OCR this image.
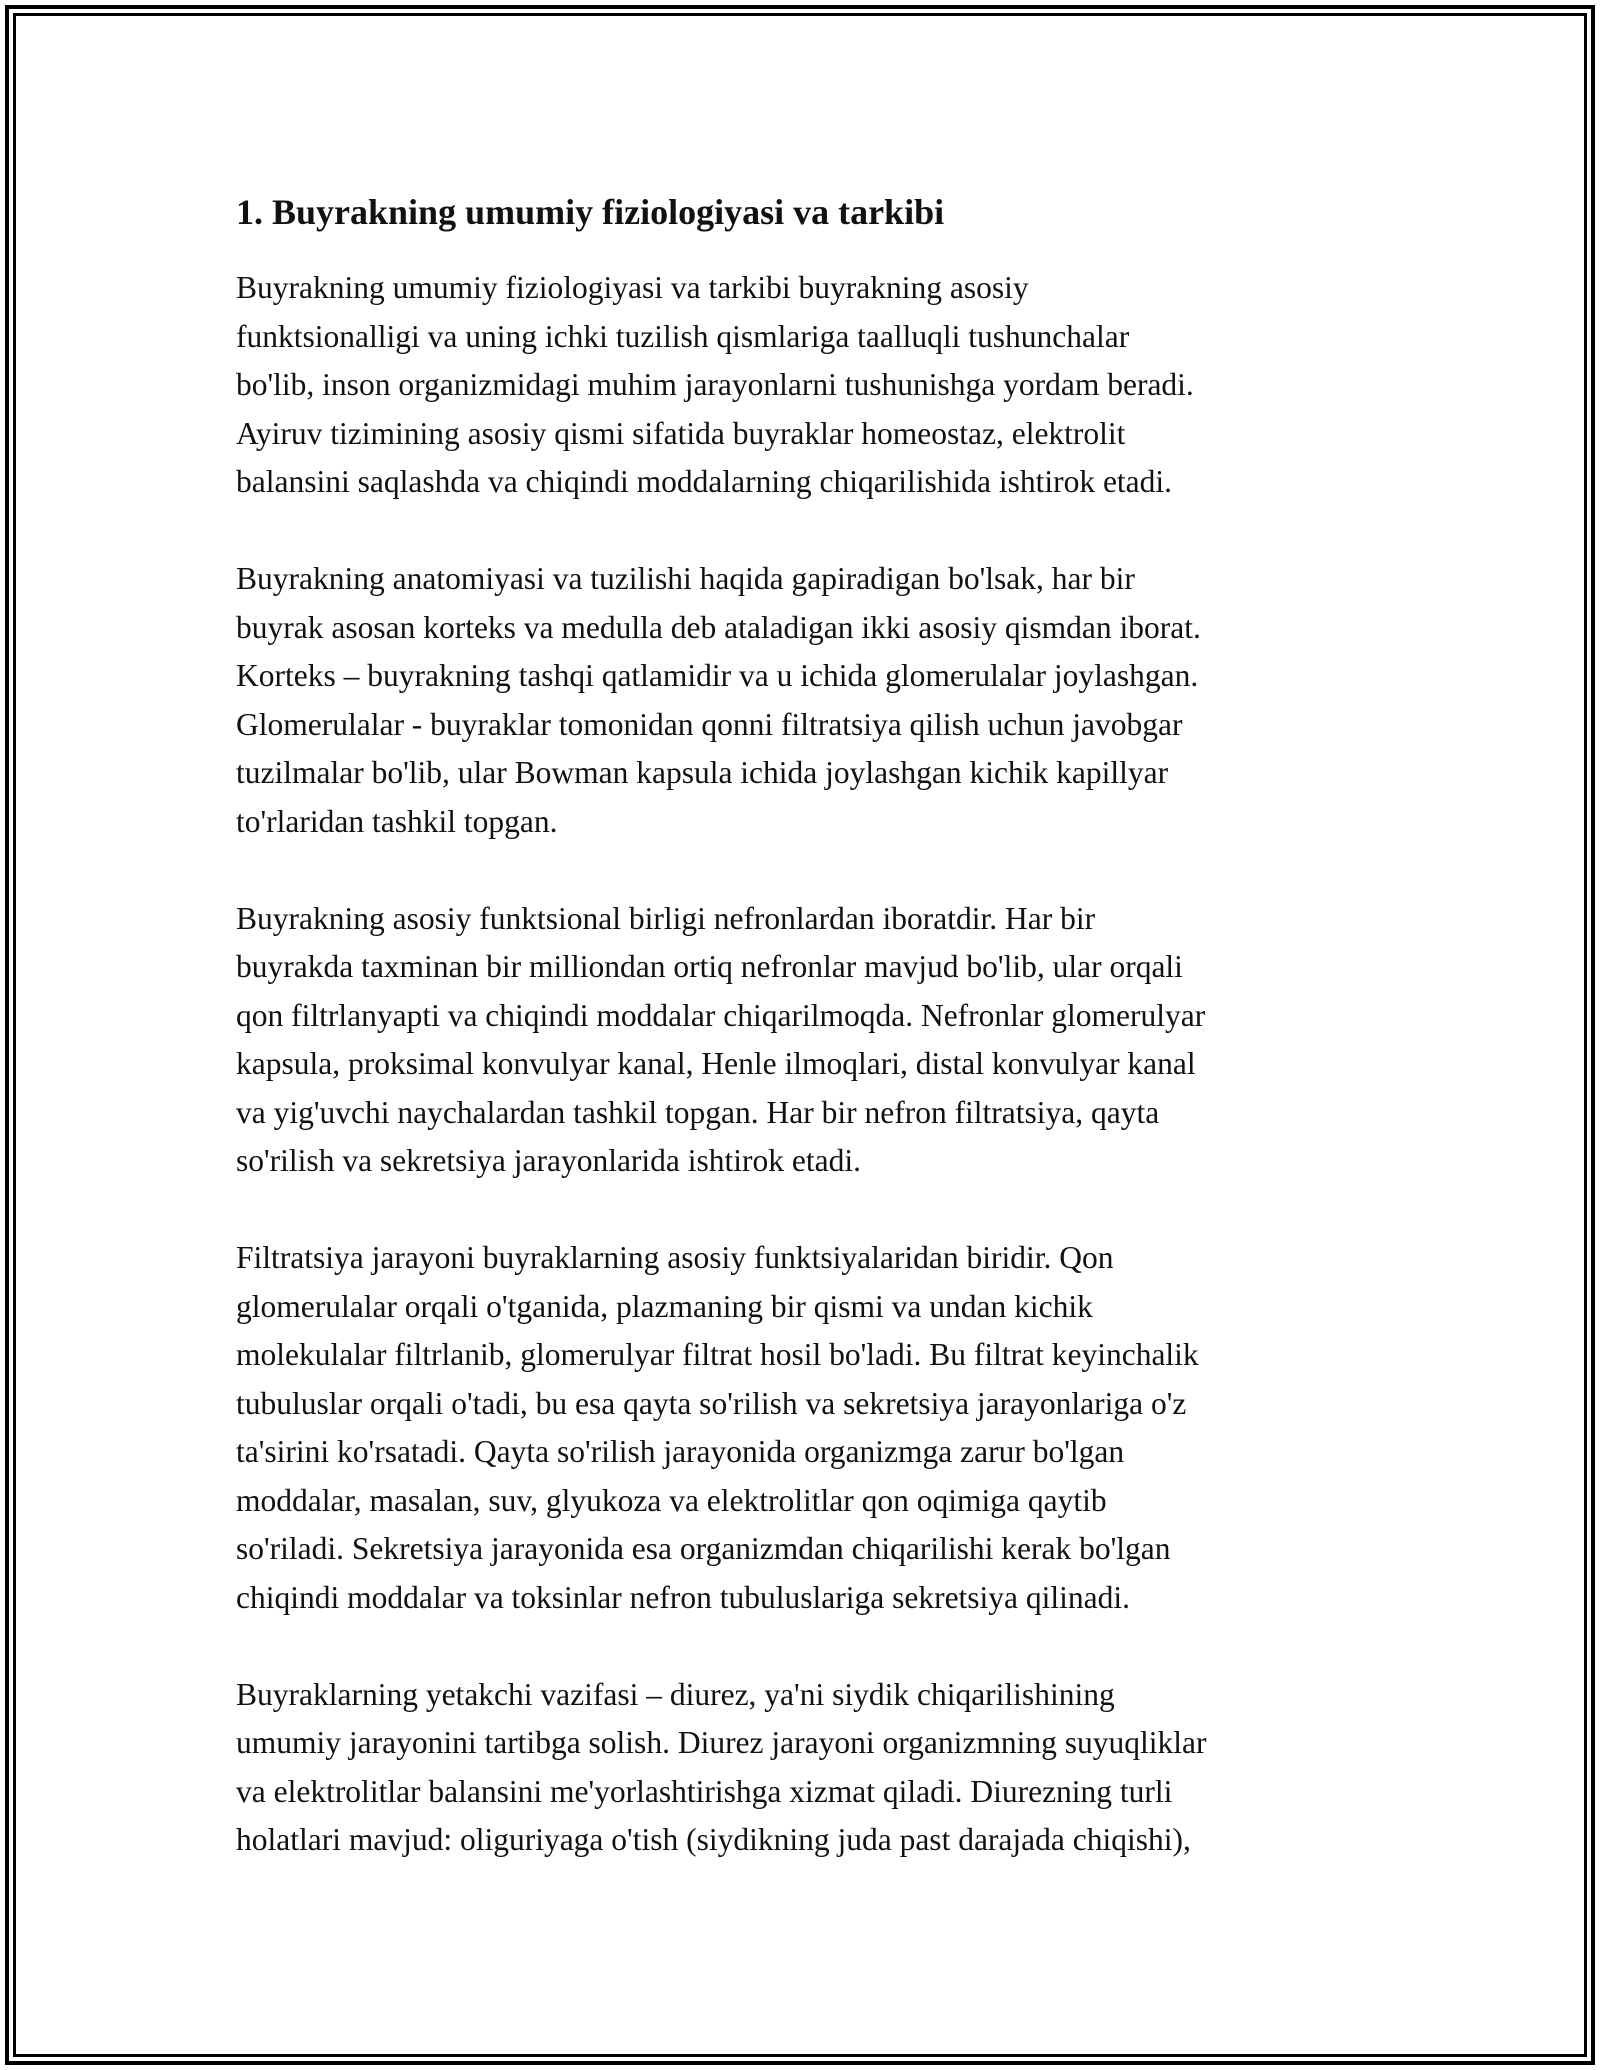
1. Buyrakning umumiy fiziologiyasi va tarkibi
Buyrakning umumiy fiziologiyasi va tarkibi buyrakning asosiy
funktsionalligi va uning ichki tuzilish qismlariga taalluqli tushunchalar
bo'lib, inson organizmidagi muhim jarayonlarni tushunishga yordam beradi.
Ayiruv tizimining asosiy qismi sifatida buyraklar homeostaz, elektrolit
balansini saqlashda va chiqindi moddalarning chiqarilishida ishtirok etadi.
Buyrakning anatomiyasi va tuzilishi haqida gapiradigan bo'lsak, har bir
buyrak asosan korteks va medulla deb ataladigan ikki asosiy qismdan iborat.
Korteks – buyrakning tashqi qatlamidir va u ichida glomerulalar joylashgan.
Glomerulalar - buyraklar tomonidan qonni filtratsiya qilish uchun javobgar
tuzilmalar bo'lib, ular Bowman kapsula ichida joylashgan kichik kapillyar
to'rlaridan tashkil topgan.
Buyrakning asosiy funktsional birligi nefronlardan iboratdir. Har bir
buyrakda taxminan bir milliondan ortiq nefronlar mavjud bo'lib, ular orqali
qon filtrlanyapti va chiqindi moddalar chiqarilmoqda. Nefronlar glomerulyar
kapsula, proksimal konvulyar kanal, Henle ilmoqlari, distal konvulyar kanal
va yig'uvchi naychalardan tashkil topgan. Har bir nefron filtratsiya, qayta
so'rilish va sekretsiya jarayonlarida ishtirok etadi.
Filtratsiya jarayoni buyraklarning asosiy funktsiyalaridan biridir. Qon
glomerulalar orqali o'tganida, plazmaning bir qismi va undan kichik
molekulalar filtrlanib, glomerulyar filtrat hosil bo'ladi. Bu filtrat keyinchalik
tubuluslar orqali o'tadi, bu esa qayta so'rilish va sekretsiya jarayonlariga o'z
ta'sirini ko'rsatadi. Qayta so'rilish jarayonida organizmga zarur bo'lgan
moddalar, masalan, suv, glyukoza va elektrolitlar qon oqimiga qaytib
so'riladi. Sekretsiya jarayonida esa organizmdan chiqarilishi kerak bo'lgan
chiqindi moddalar va toksinlar nefron tubuluslariga sekretsiya qilinadi.
Buyraklarning yetakchi vazifasi – diurez, ya'ni siydik chiqarilishining
umumiy jarayonini tartibga solish. Diurez jarayoni organizmning suyuqliklar
va elektrolitlar balansini me'yorlashtirishga xizmat qiladi. Diurezning turli
holatlari mavjud: oliguriyaga o'tish (siydikning juda past darajada chiqishi),
